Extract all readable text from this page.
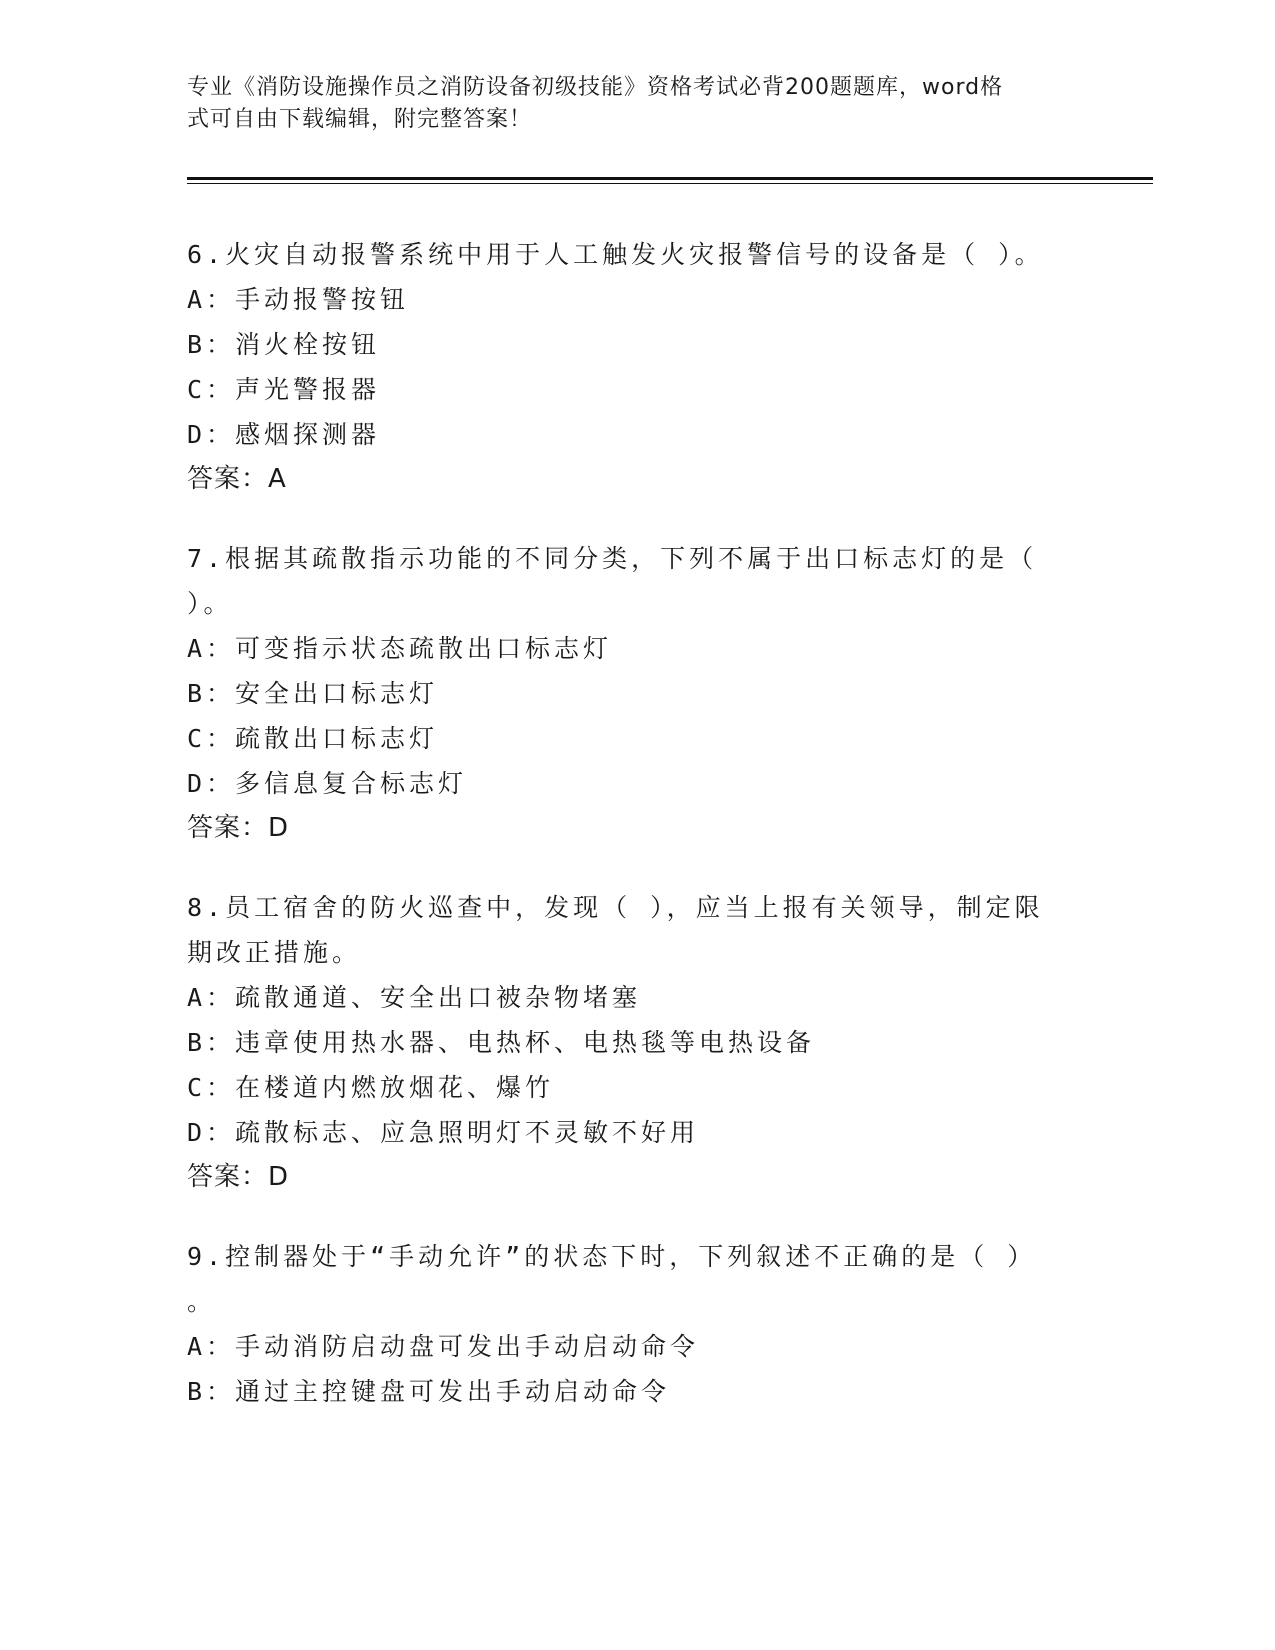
专业《消防设施操作员之消防设备初级技能》资格考试必背200题题库，word格
式可自由下载编辑，附完整答案！
6.火灾自动报警系统中用于人工触发火灾报警信号的设备是（ ）。
A：手动报警按钮
B：消火栓按钮
C：声光警报器
D：感烟探测器
答案：A
7.根据其疏散指示功能的不同分类，下列不属于出口标志灯的是（
）。
A：可变指示状态疏散出口标志灯
B：安全出口标志灯
C：疏散出口标志灯
D：多信息复合标志灯
答案：D
8.员工宿舍的防火巡查中，发现（ ），应当上报有关领导，制定限
期改正措施。
A：疏散通道、安全出口被杂物堵塞
B：违章使用热水器、电热杯、电热毯等电热设备
C：在楼道内燃放烟花、爆竹
D：疏散标志、应急照明灯不灵敏不好用
答案：D
9.控制器处于“手动允许”的状态下时，下列叙述不正确的是（ ）
。
A：手动消防启动盘可发出手动启动命令
B：通过主控键盘可发出手动启动命令
